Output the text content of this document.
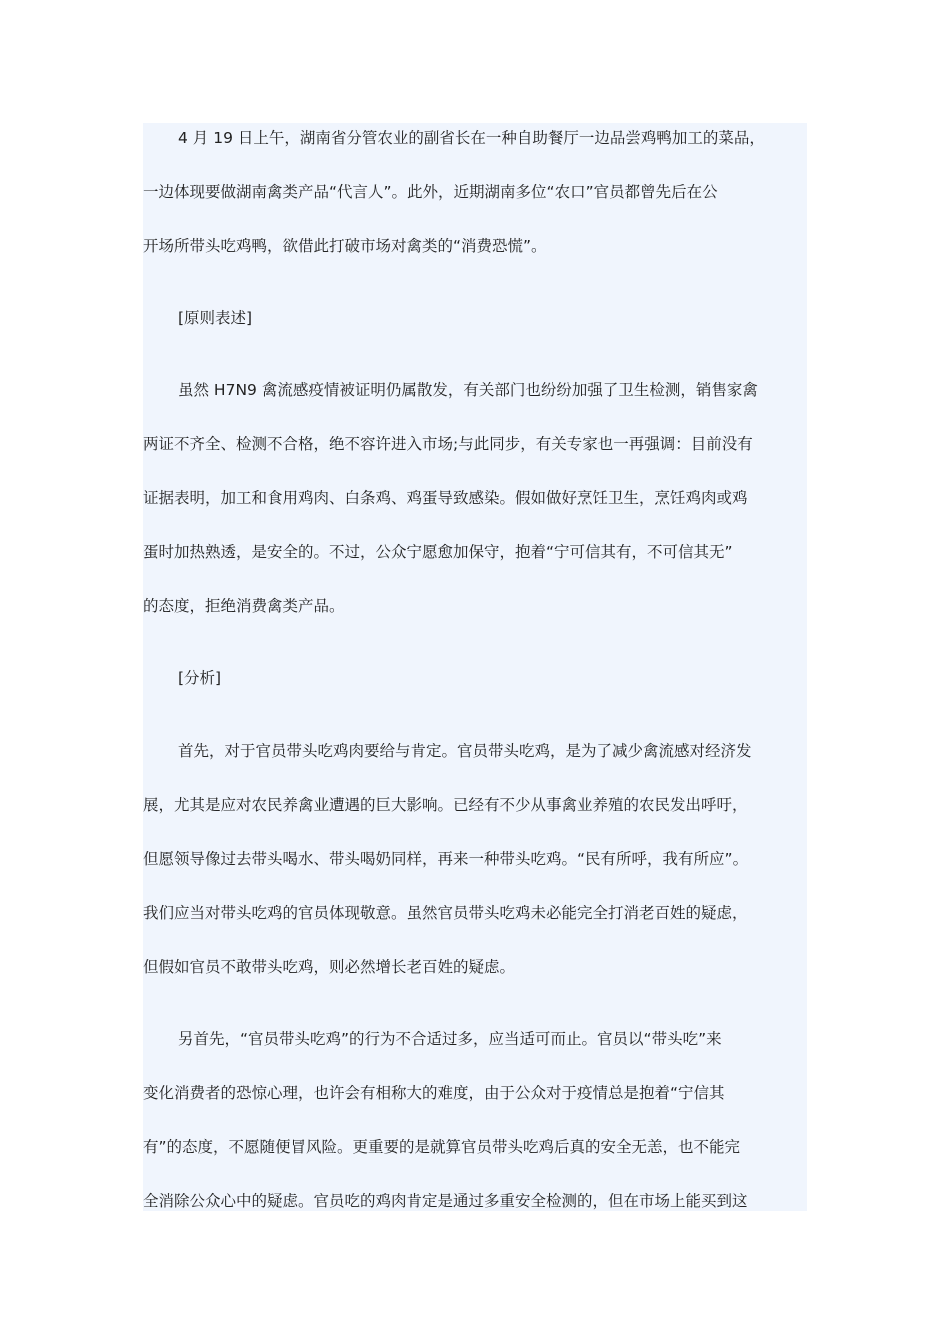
4 月 19 日上午，湖南省分管农业的副省长在一种自助餐厅一边品尝鸡鸭加工的菜品，
一边体现要做湖南禽类产品“代言人”。此外，近期湖南多位“农口”官员都曾先后在公
开场所带头吃鸡鸭，欲借此打破市场对禽类的“消费恐慌”。
[原则表述]
虽然 H7N9 禽流感疫情被证明仍属散发，有关部门也纷纷加强了卫生检测，销售家禽
两证不齐全、检测不合格，绝不容许进入市场;与此同步，有关专家也一再强调：目前没有
证据表明，加工和食用鸡肉、白条鸡、鸡蛋导致感染。假如做好烹饪卫生，烹饪鸡肉或鸡
蛋时加热熟透，是安全的。不过，公众宁愿愈加保守，抱着“宁可信其有，不可信其无”
的态度，拒绝消费禽类产品。
[分析]
首先，对于官员带头吃鸡肉要给与肯定。官员带头吃鸡，是为了减少禽流感对经济发
展，尤其是应对农民养禽业遭遇的巨大影响。已经有不少从事禽业养殖的农民发出呼吁，
但愿领导像过去带头喝水、带头喝奶同样，再来一种带头吃鸡。“民有所呼，我有所应”。
我们应当对带头吃鸡的官员体现敬意。虽然官员带头吃鸡未必能完全打消老百姓的疑虑，
但假如官员不敢带头吃鸡，则必然增长老百姓的疑虑。
另首先，“官员带头吃鸡”的行为不合适过多，应当适可而止。官员以“带头吃”来
变化消费者的恐惊心理，也许会有相称大的难度，由于公众对于疫情总是抱着“宁信其
有”的态度，不愿随便冒风险。更重要的是就算官员带头吃鸡后真的安全无恙，也不能完
全消除公众心中的疑虑。官员吃的鸡肉肯定是通过多重安全检测的，但在市场上能买到这
